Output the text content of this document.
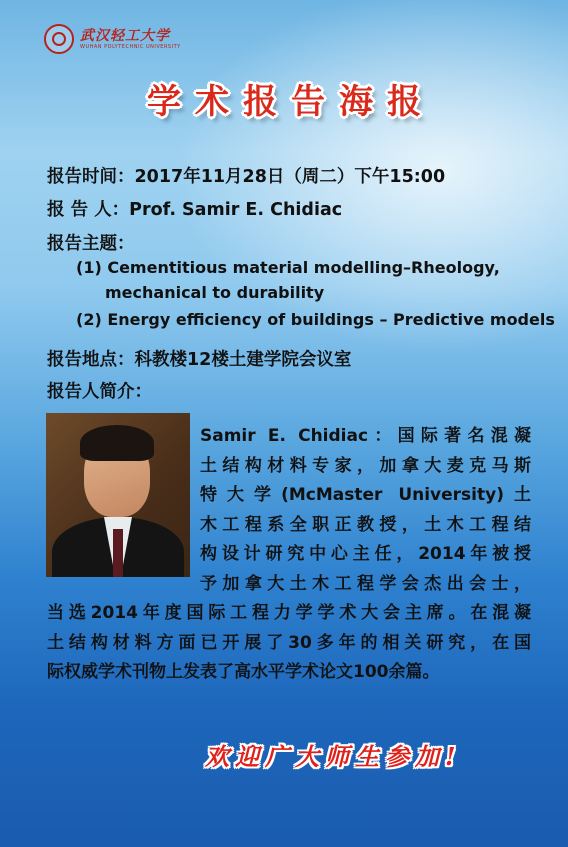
武汉轻工大学
WUHAN POLYTECHNIC UNIVERSITY
学术报告海报
报告时间：2017年11月28日（周二）下午15:00
报 告 人：Prof. Samir E. Chidiac
报告主题：
(1) Cementitious material modelling–Rheology,
mechanical to durability
(2) Energy efficiency of buildings – Predictive models
报告地点：科教楼12楼土建学院会议室
报告人简介：
Samir E. Chidiac：国际著名混凝
土结构材料专家，加拿大麦克马斯
特大学(McMaster University)土
木工程系全职正教授，土木工程结
构设计研究中心主任，2014年被授
予加拿大土木工程学会杰出会士，
当选2014年度国际工程力学学术大会主席。在混凝
土结构材料方面已开展了30多年的相关研究，在国
际权威学术刊物上发表了高水平学术论文100余篇。
欢迎广大师生参加!
